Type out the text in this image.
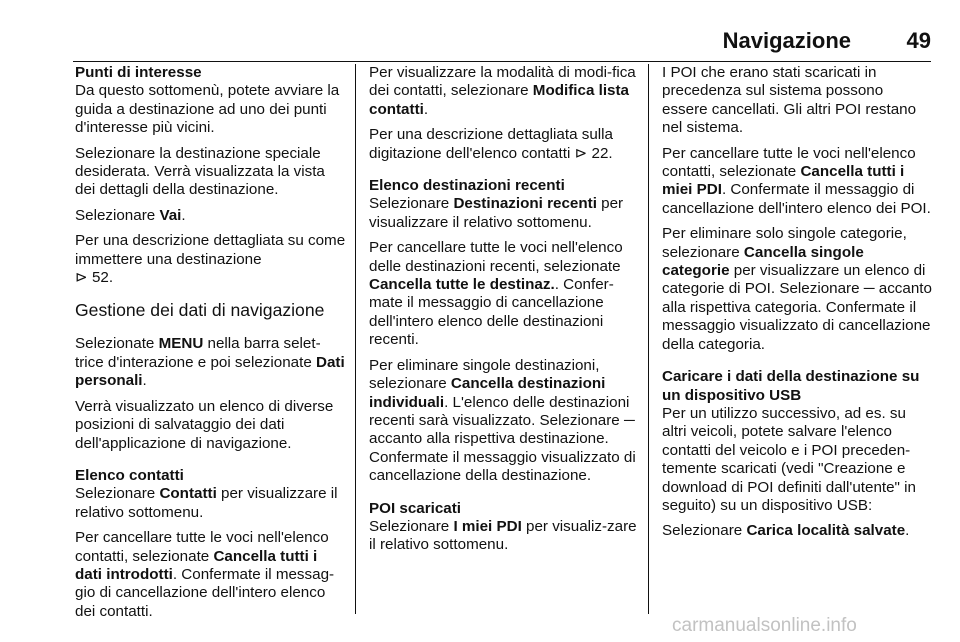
Navigazione	49

Punti di interesse

Da questo sottomenù, potete avviare la guida a destinazione ad uno dei punti d'interesse più vicini.

Selezionare la destinazione speciale desiderata. Verrà visualizzata la vista dei dettagli della destinazione.

Selezionare Vai.

Per una descrizione dettagliata su come immettere una destinazione
⊳ 52.

Gestione dei dati di navigazione

Selezionate MENU nella barra selet-trice d'interazione e poi selezionate Dati personali.

Verrà visualizzato un elenco di diverse posizioni di salvataggio dei dati dell'applicazione di navigazione.

Elenco contatti

Selezionare Contatti per visualizzare il relativo sottomenu.

Per cancellare tutte le voci nell'elenco contatti, selezionate Cancella tutti i dati introdotti. Confermate il messag-gio di cancellazione dell'intero elenco dei contatti.

Per visualizzare la modalità di modi-fica dei contatti, selezionare Modifica lista contatti.

Per una descrizione dettagliata sulla digitazione dell'elenco contatti ⊳ 22.

Elenco destinazioni recenti

Selezionare Destinazioni recenti per visualizzare il relativo sottomenu.

Per cancellare tutte le voci nell'elenco delle destinazioni recenti, selezionate Cancella tutte le destinaz.. Confer-mate il messaggio di cancellazione dell'intero elenco delle destinazioni recenti.

Per eliminare singole destinazioni, selezionare Cancella destinazioni individuali. L'elenco delle destinazioni recenti sarà visualizzato. Selezionare ─ accanto alla rispettiva destinazione. Confermate il messaggio visualizzato di cancellazione della destinazione.

POI scaricati

Selezionare I miei PDI per visualiz-zare il relativo sottomenu.

I POI che erano stati scaricati in precedenza sul sistema possono essere cancellati. Gli altri POI restano nel sistema.

Per cancellare tutte le voci nell'elenco contatti, selezionate Cancella tutti i miei PDI. Confermate il messaggio di cancellazione dell'intero elenco dei POI.

Per eliminare solo singole categorie, selezionare Cancella singole categorie per visualizzare un elenco di categorie di POI. Selezionare ─ accanto alla rispettiva categoria. Confermate il messaggio visualizzato di cancellazione della categoria.

Caricare i dati della destinazione su un dispositivo USB

Per un utilizzo successivo, ad es. su altri veicoli, potete salvare l'elenco contatti del veicolo e i POI preceden-temente scaricati (vedi "Creazione e download di POI definiti dall'utente" in seguito) su un dispositivo USB:

Selezionare Carica località salvate.

carmanualsonline.info
